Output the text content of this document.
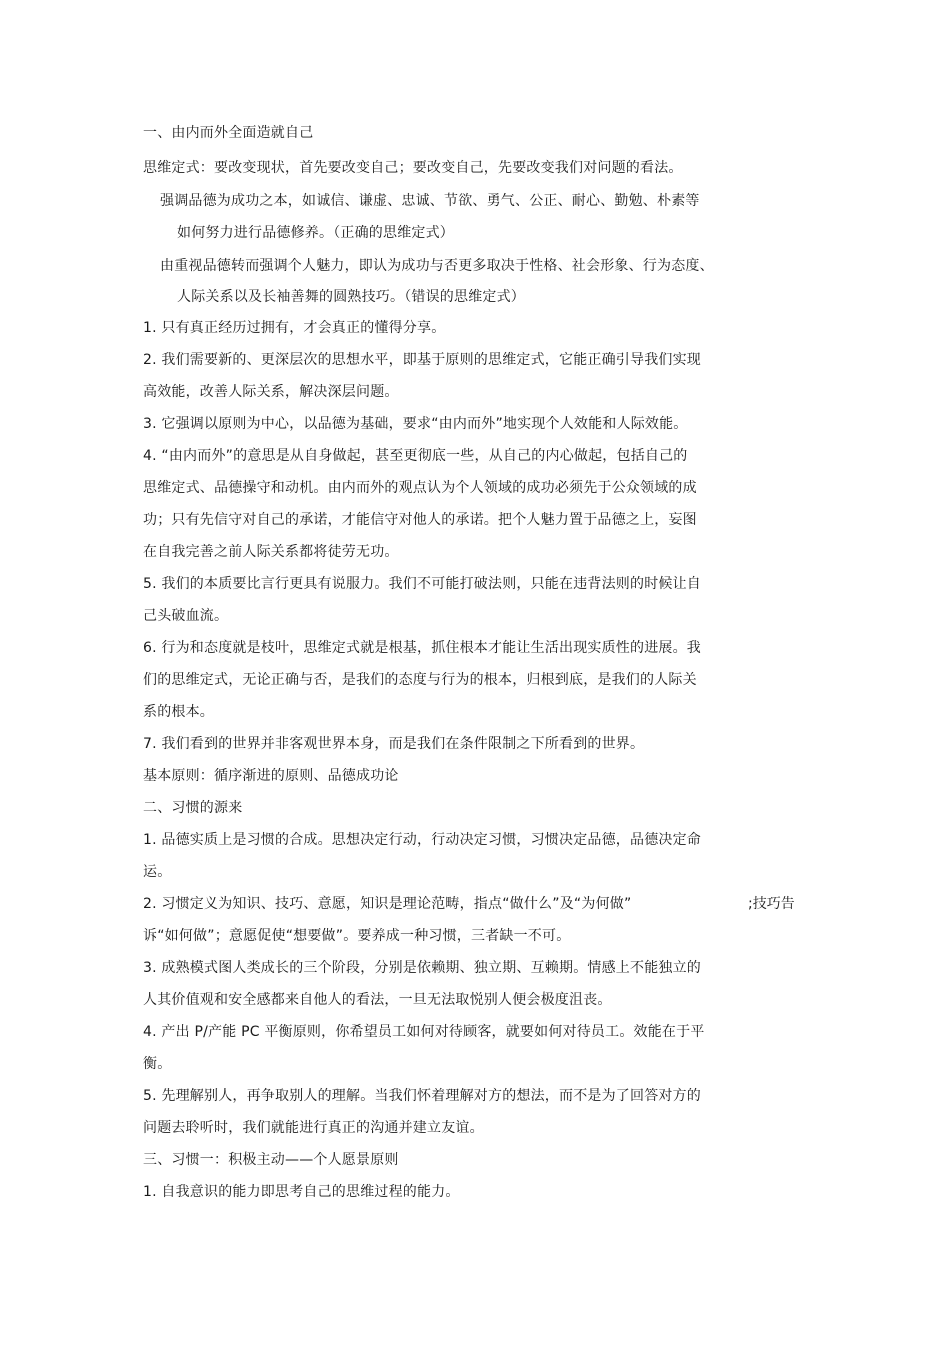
一、由内而外全面造就自己

思维定式：要改变现状，首先要改变自己；要改变自己，先要改变我们对问题的看法。

强调品德为成功之本，如诚信、谦虚、忠诚、节欲、勇气、公正、耐心、勤勉、朴素等

如何努力进行品德修养。（正确的思维定式）

由重视品德转而强调个人魅力，即认为成功与否更多取决于性格、社会形象、行为态度、

人际关系以及长袖善舞的圆熟技巧。（错误的思维定式）

1. 只有真正经历过拥有，才会真正的懂得分享。

2. 我们需要新的、更深层次的思想水平，即基于原则的思维定式，它能正确引导我们实现

高效能，改善人际关系，解决深层问题。

3. 它强调以原则为中心，以品德为基础，要求“由内而外”地实现个人效能和人际效能。

4. “由内而外”的意思是从自身做起，甚至更彻底一些，从自己的内心做起，包括自己的

思维定式、品德操守和动机。由内而外的观点认为个人领域的成功必须先于公众领域的成

功；只有先信守对自己的承诺，才能信守对他人的承诺。把个人魅力置于品德之上，妄图

在自我完善之前人际关系都将徒劳无功。

5. 我们的本质要比言行更具有说服力。我们不可能打破法则，只能在违背法则的时候让自

己头破血流。

6. 行为和态度就是枝叶，思维定式就是根基，抓住根本才能让生活出现实质性的进展。我

们的思维定式，无论正确与否，是我们的态度与行为的根本，归根到底，是我们的人际关

系的根本。

7. 我们看到的世界并非客观世界本身，而是我们在条件限制之下所看到的世界。

基本原则：循序渐进的原则、品德成功论

二、习惯的源来

1. 品德实质上是习惯的合成。思想决定行动，行动决定习惯，习惯决定品德，品德决定命

运。

2. 习惯定义为知识、技巧、意愿，知识是理论范畴，指点“做什么”及“为何做”	;技巧告

诉“如何做”；意愿促使“想要做”。要养成一种习惯，三者缺一不可。

3. 成熟模式图人类成长的三个阶段，分别是依赖期、独立期、互赖期。情感上不能独立的

人其价值观和安全感都来自他人的看法，一旦无法取悦别人便会极度沮丧。

4. 产出 P/产能 PC 平衡原则，你希望员工如何对待顾客，就要如何对待员工。效能在于平

衡。

5. 先理解别人，再争取别人的理解。当我们怀着理解对方的想法，而不是为了回答对方的

问题去聆听时，我们就能进行真正的沟通并建立友谊。

三、习惯一：积极主动——个人愿景原则

1. 自我意识的能力即思考自己的思维过程的能力。
